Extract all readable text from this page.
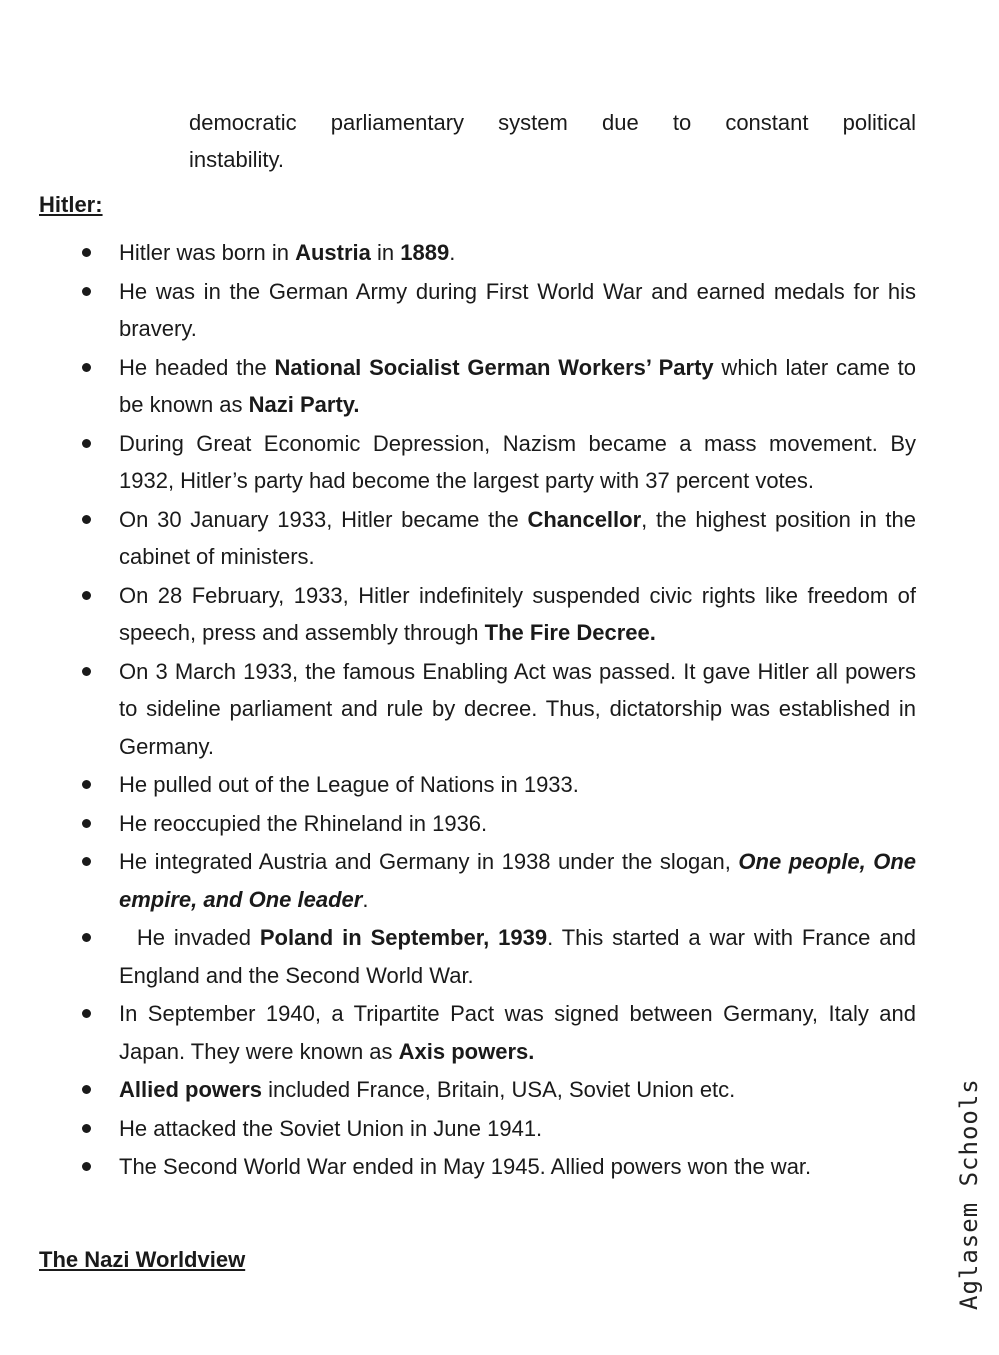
democratic parliamentary system due to constant political
instability.
Hitler:
Hitler was born in Austria in 1889.
He was in the German Army during First World War and earned medals for his bravery.
He headed the National Socialist German Workers’ Party which later came to be known as Nazi Party.
During Great Economic Depression, Nazism became a mass movement. By 1932, Hitler’s party had become the largest party with 37 percent votes.
On 30 January 1933, Hitler became the Chancellor, the highest position in the cabinet of ministers.
On 28 February, 1933, Hitler indefinitely suspended civic rights like freedom of speech, press and assembly through The Fire Decree.
On 3 March 1933, the famous Enabling Act was passed. It gave Hitler all powers to sideline parliament and rule by decree. Thus, dictatorship was established in Germany.
He pulled out of the League of Nations in 1933.
He reoccupied the Rhineland in 1936.
He integrated Austria and Germany in 1938 under the slogan, One people, One empire, and One leader.
He invaded Poland in September, 1939. This started a war with France and England and the Second World War.
In September 1940, a Tripartite Pact was signed between Germany, Italy and Japan. They were known as Axis powers.
Allied powers included France, Britain, USA, Soviet Union etc.
He attacked the Soviet Union in June 1941.
The Second World War ended in May 1945. Allied powers won the war.
The Nazi Worldview	Aglasem Schools
